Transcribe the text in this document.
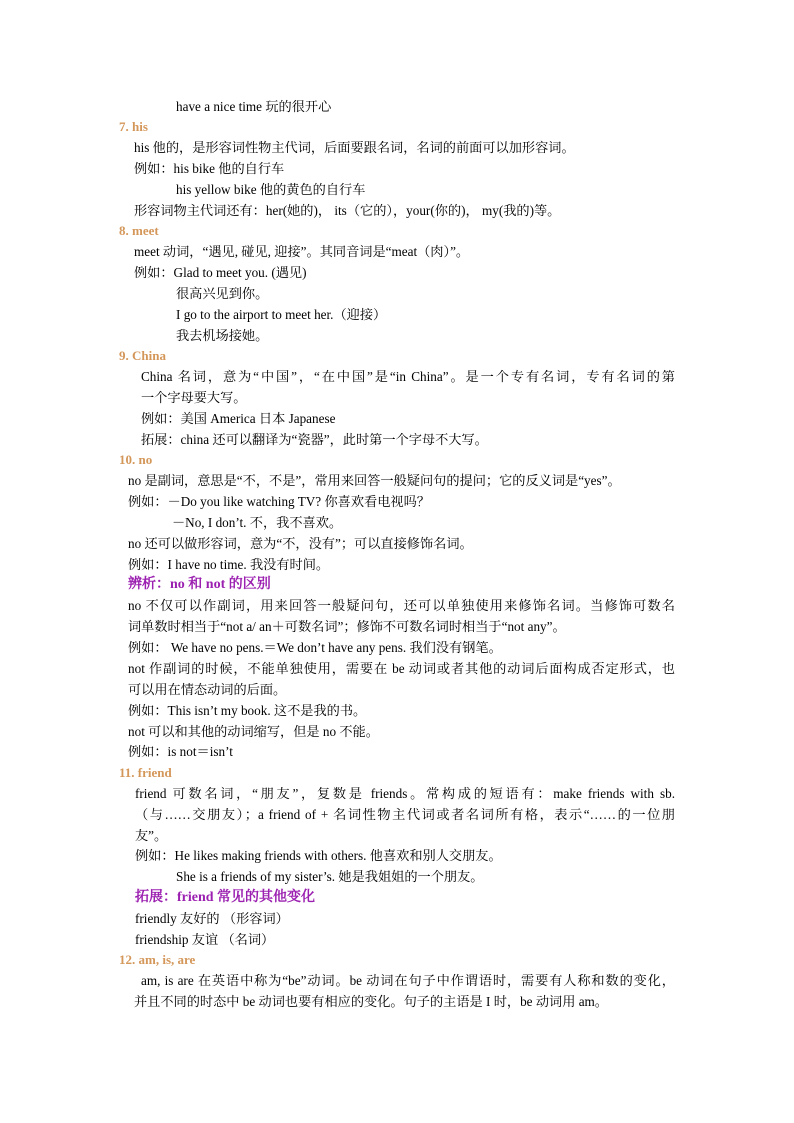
have a nice time 玩的很开心
7. his
his 他的，是形容词性物主代词，后面要跟名词，名词的前面可以加形容词。
例如：his bike 他的自行车
his yellow bike 他的黄色的自行车
形容词物主代词还有：her(她的)， its（它的），your(你的)， my(我的)等。
8. meet
meet 动词，“遇见, 碰见, 迎接”。其同音词是“meat（肉）”。
例如：Glad to meet you. (遇见)
很高兴见到你。
I go to the airport to meet her.（迎接）
我去机场接她。
9. China
China 名词，意为“中国”，“在中国”是“in China”。是一个专有名词，专有名词的第
一个字母要大写。
例如：美国 America 日本 Japanese
拓展：china 还可以翻译为“瓷器”，此时第一个字母不大写。
10. no
no 是副词，意思是“不，不是”，常用来回答一般疑问句的提问；它的反义词是“yes”。
例如：－Do you like watching TV? 你喜欢看电视吗？
－No, I don’t. 不，我不喜欢。
no 还可以做形容词，意为“不，没有”；可以直接修饰名词。
例如：I have no time. 我没有时间。
辨析：no 和 not 的区别
no 不仅可以作副词，用来回答一般疑问句，还可以单独使用来修饰名词。当修饰可数名
词单数时相当于“not a/ an＋可数名词”；修饰不可数名词时相当于“not any”。
例如： We have no pens.＝We don’t have any pens. 我们没有钢笔。
not 作副词的时候，不能单独使用，需要在 be 动词或者其他的动词后面构成否定形式，也
可以用在情态动词的后面。
例如：This isn’t my book. 这不是我的书。
not 可以和其他的动词缩写，但是 no 不能。
例如：is not＝isn’t
11. friend
friend 可数名词，“朋友”，复数是 friends。常构成的短语有：make friends with sb.
（与……交朋友）；a friend of + 名词性物主代词或者名词所有格，表示“……的一位朋
友”。
例如：He likes making friends with others. 他喜欢和别人交朋友。
She is a friends of my sister’s. 她是我姐姐的一个朋友。
拓展：friend 常见的其他变化
friendly 友好的 （形容词）
friendship 友谊 （名词）
12. am, is, are
am, is are 在英语中称为“be”动词。be 动词在句子中作谓语时，需要有人称和数的变化，
并且不同的时态中 be 动词也要有相应的变化。句子的主语是 I 时，be 动词用 am。
